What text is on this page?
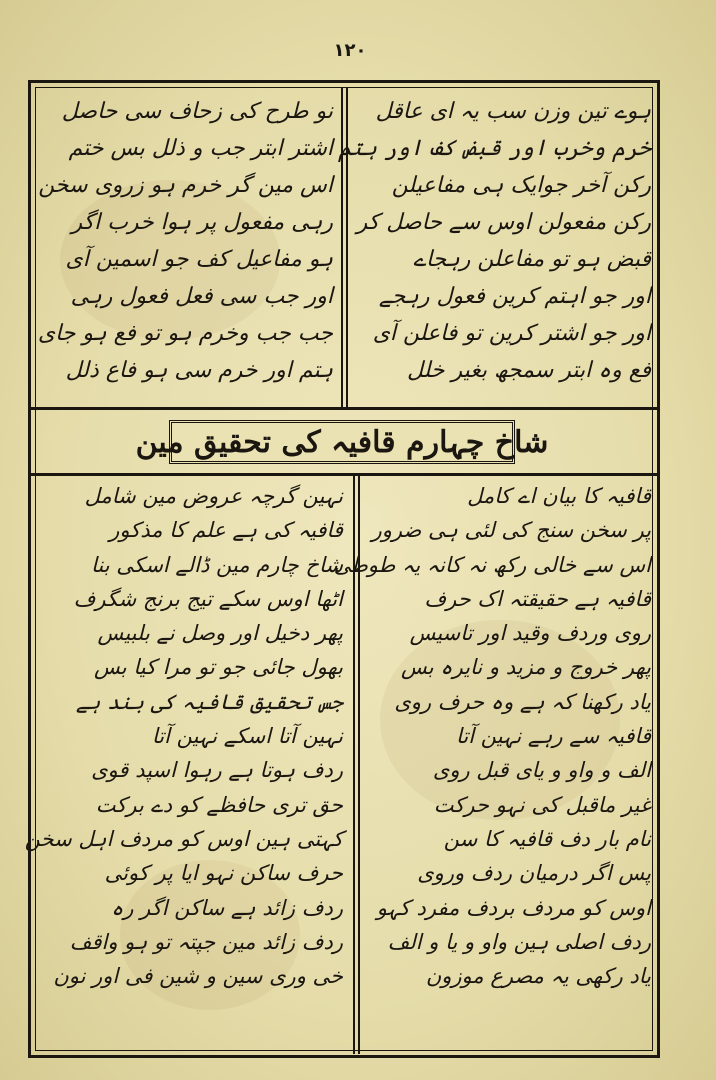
۱۲۰
ہوے تین وزن سب یہ ای عاقل
خرم وخرب اور قبض کف اور ہتم
رکن آخر جوایک ہی مفاعیلن
رکن مفعولن اوس سے حاصل کر
قبض ہو تو مفاعلن رہجاے
اور جو اہتم کرین فعول رہجے
اور جو اشتر کرین تو فاعلن آی
فع وہ ابتر سمجھ بغیر خلل
نو طرح کی زحاف سی حاصل
اشتر ابتر جب و ذلل بس ختم
اس مین گر خرم ہو زروی سخن
رہی مفعول پر ہوا خرب اگر
ہو مفاعیل کف جو اسمین آی
اور جب سی فعل فعول رہی
جب جب وخرم ہو تو فع ہو جای
ہتم اور خرم سی ہو فاع ذلل
شاخ چہارم قافیہ کی تحقیق مین
قافیہ کا بیان اے کامل
پر سخن سنج کی لئی ہی ضرور
اس سے خالی رکھ نہ کانہ یہ طوطی
قافیہ ہے حقیقتہ اک حرف
روی وردف وقید اور تاسیس
پھر خروج و مزید و نایرہ بس
یاد رکھنا کہ ہے وہ حرف روی
قافیہ سے رہے نہین آتا
الف و واو و یای قبل روی
غیر ماقبل کی نہو حرکت
نام بار دف قافیہ کا سن
پس اگر درمیان ردف وروی
اوس کو مردف بردف مفرد کہو
ردف اصلی ہین واو و یا و الف
یاد رکھی یہ مصرع موزون
نہین گرچہ عروض مین شامل
قافیہ کی ہے علم کا مذکور
شاخ چارم مین ڈالے اسکی بنا
اٹھا اوس سکے تیج برنج شگرف
پھر دخیل اور وصل نے بلبیس
بھول جائی جو تو مرا کیا بس
جس تحقیق قافیہ کی بند ہے
نہین آتا اسکے نہین آتا
ردف ہوتا ہے رہوا اسپد قوی
حق تری حافظے کو دے برکت
کہتی ہین اوس کو مردف اہل سخن
حرف ساکن نہو ایا پر کوئی
ردف زائد ہے ساکن اگر رہ
ردف زائد مین جپتہ تو ہو واقف
خی وری سین و شین فی اور نون
